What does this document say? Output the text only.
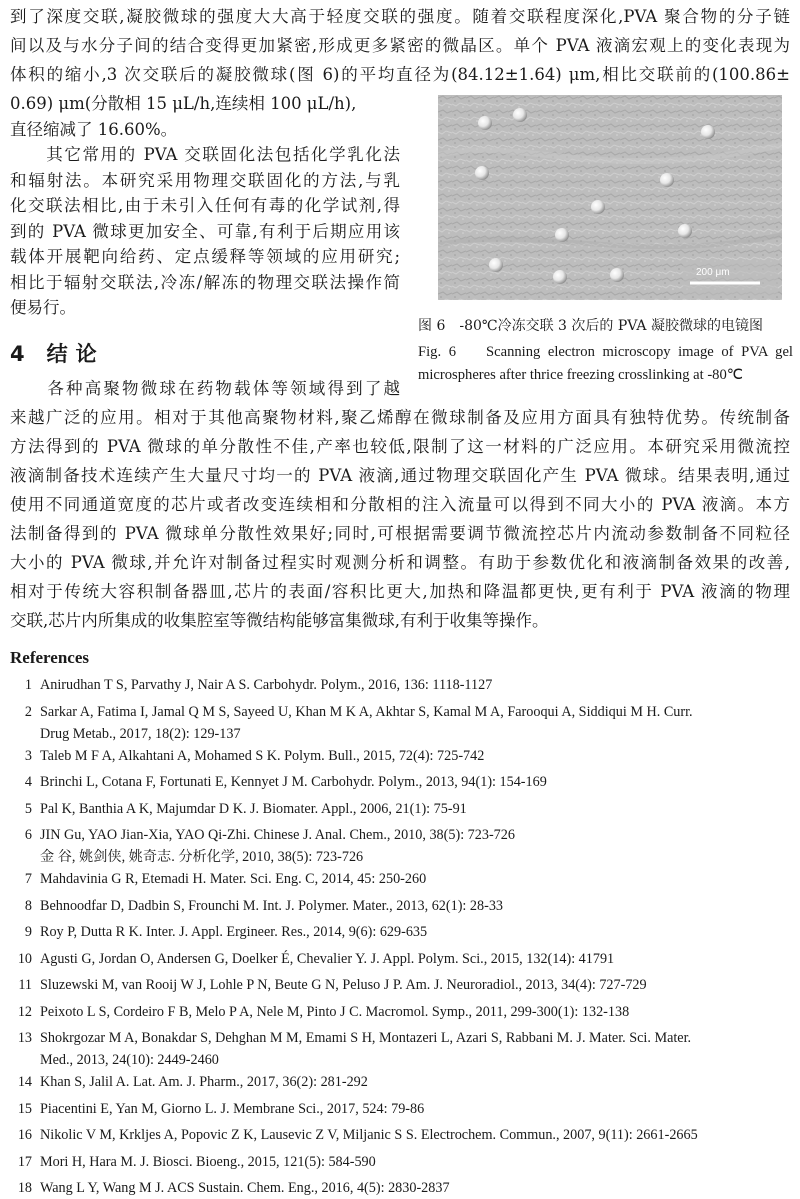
到了深度交联,凝胶微球的强度大大高于轻度交联的强度。随着交联程度深化,PVA 聚合物的分子链

间以及与水分子间的结合变得更加紧密,形成更多紧密的微晶区。单个 PVA 液滴宏观上的变化表现为

体积的缩小,3 次交联后的凝胶微球(图 6)的平均直径为(84.12±1.64) μm,相比交联前的(100.86±

0.69) μm(分散相 15 μL/h,连续相 100 μL/h),

直径缩减了 16.60%。

　　其它常用的 PVA 交联固化法包括化学乳化法

和辐射法。本研究采用物理交联固化的方法,与乳

化交联法相比,由于未引入任何有毒的化学试剂,得

到的 PVA 微球更加安全、可靠,有利于后期应用该

载体开展靶向给药、定点缓释等领域的应用研究;

相比于辐射交联法,冷冻/解冻的物理交联法操作简	200 μm
图 6　-80℃冷冻交联 3 次后的 PVA 凝胶微球的电镜图
Fig. 6　 Scanning electron microscopy image of PVA gel
microspheres after thrice freezing crosslinking at -80℃
4 结论

　　各种高聚物微球在药物载体等领域得到了越

来越广泛的应用。相对于其他高聚物材料,聚乙烯醇在微球制备及应用方面具有独特优势。传统制备

方法得到的 PVA 微球的单分散性不佳,产率也较低,限制了这一材料的广泛应用。本研究采用微流控

液滴制备技术连续产生大量尺寸均一的 PVA 液滴,通过物理交联固化产生 PVA 微球。结果表明,通过

使用不同通道宽度的芯片或者改变连续相和分散相的注入流量可以得到不同大小的 PVA 液滴。本方

法制备得到的 PVA 微球单分散性效果好;同时,可根据需要调节微流控芯片内流动参数制备不同粒径

大小的 PVA 微球,并允许对制备过程实时观测分析和调整。有助于参数优化和液滴制备效果的改善,

相对于传统大容积制备器皿,芯片的表面/容积比更大,加热和降温都更快,更有利于 PVA 液滴的物理

交联,芯片内所集成的收集腔室等微结构能够富集微球,有利于收集等操作。

References
1 Anirudhan T S, Parvathy J, Nair A S. Carbohydr. Polym., 2016, 136: 1118-1127
2 Sarkar A, Fatima I, Jamal Q M S, Sayeed U, Khan M K A, Akhtar S, Kamal M A, Farooqui A, Siddiqui M H. Curr.
Drug Metab., 2017, 18(2): 129-137
3 Taleb M F A, Alkahtani A, Mohamed S K. Polym. Bull., 2015, 72(4): 725-742
4 Brinchi L, Cotana F, Fortunati E, Kennyet J M. Carbohydr. Polym., 2013, 94(1): 154-169
5 Pal K, Banthia A K, Majumdar D K. J. Biomater. Appl., 2006, 21(1): 75-91
6 JIN Gu, YAO Jian-Xia, YAO Qi-Zhi. Chinese J. Anal. Chem., 2010, 38(5): 723-726
金 谷, 姚剑侠, 姚奇志. 分析化学, 2010, 38(5): 723-726
7 Mahdavinia G R, Etemadi H. Mater. Sci. Eng. C, 2014, 45: 250-260
8 Behnoodfar D, Dadbin S, Frounchi M. Int. J. Polymer. Mater., 2013, 62(1): 28-33
9 Roy P, Dutta R K. Inter. J. Appl. Ergineer. Res., 2014, 9(6): 629-635
10 Agusti G, Jordan O, Andersen G, Doelker É, Chevalier Y. J. Appl. Polym. Sci., 2015, 132(14): 41791
11 Sluzewski M, van Rooij W J, Lohle P N, Beute G N, Peluso J P. Am. J. Neuroradiol., 2013, 34(4): 727-729
12 Peixoto L S, Cordeiro F B, Melo P A, Nele M, Pinto J C. Macromol. Symp., 2011, 299-300(1): 132-138
13 Shokrgozar M A, Bonakdar S, Dehghan M M, Emami S H, Montazeri L, Azari S, Rabbani M. J. Mater. Sci. Mater.
Med., 2013, 24(10): 2449-2460
14 Khan S, Jalil A. Lat. Am. J. Pharm., 2017, 36(2): 281-292
15 Piacentini E, Yan M, Giorno L. J. Membrane Sci., 2017, 524: 79-86
16 Nikolic V M, Krkljes A, Popovic Z K, Lausevic Z V, Miljanic S S. Electrochem. Commun., 2007, 9(11): 2661-2665
17 Mori H, Hara M. J. Biosci. Bioeng., 2015, 121(5): 584-590
18 Wang L Y, Wang M J. ACS Sustain. Chem. Eng., 2016, 4(5): 2830-2837

便易行。
